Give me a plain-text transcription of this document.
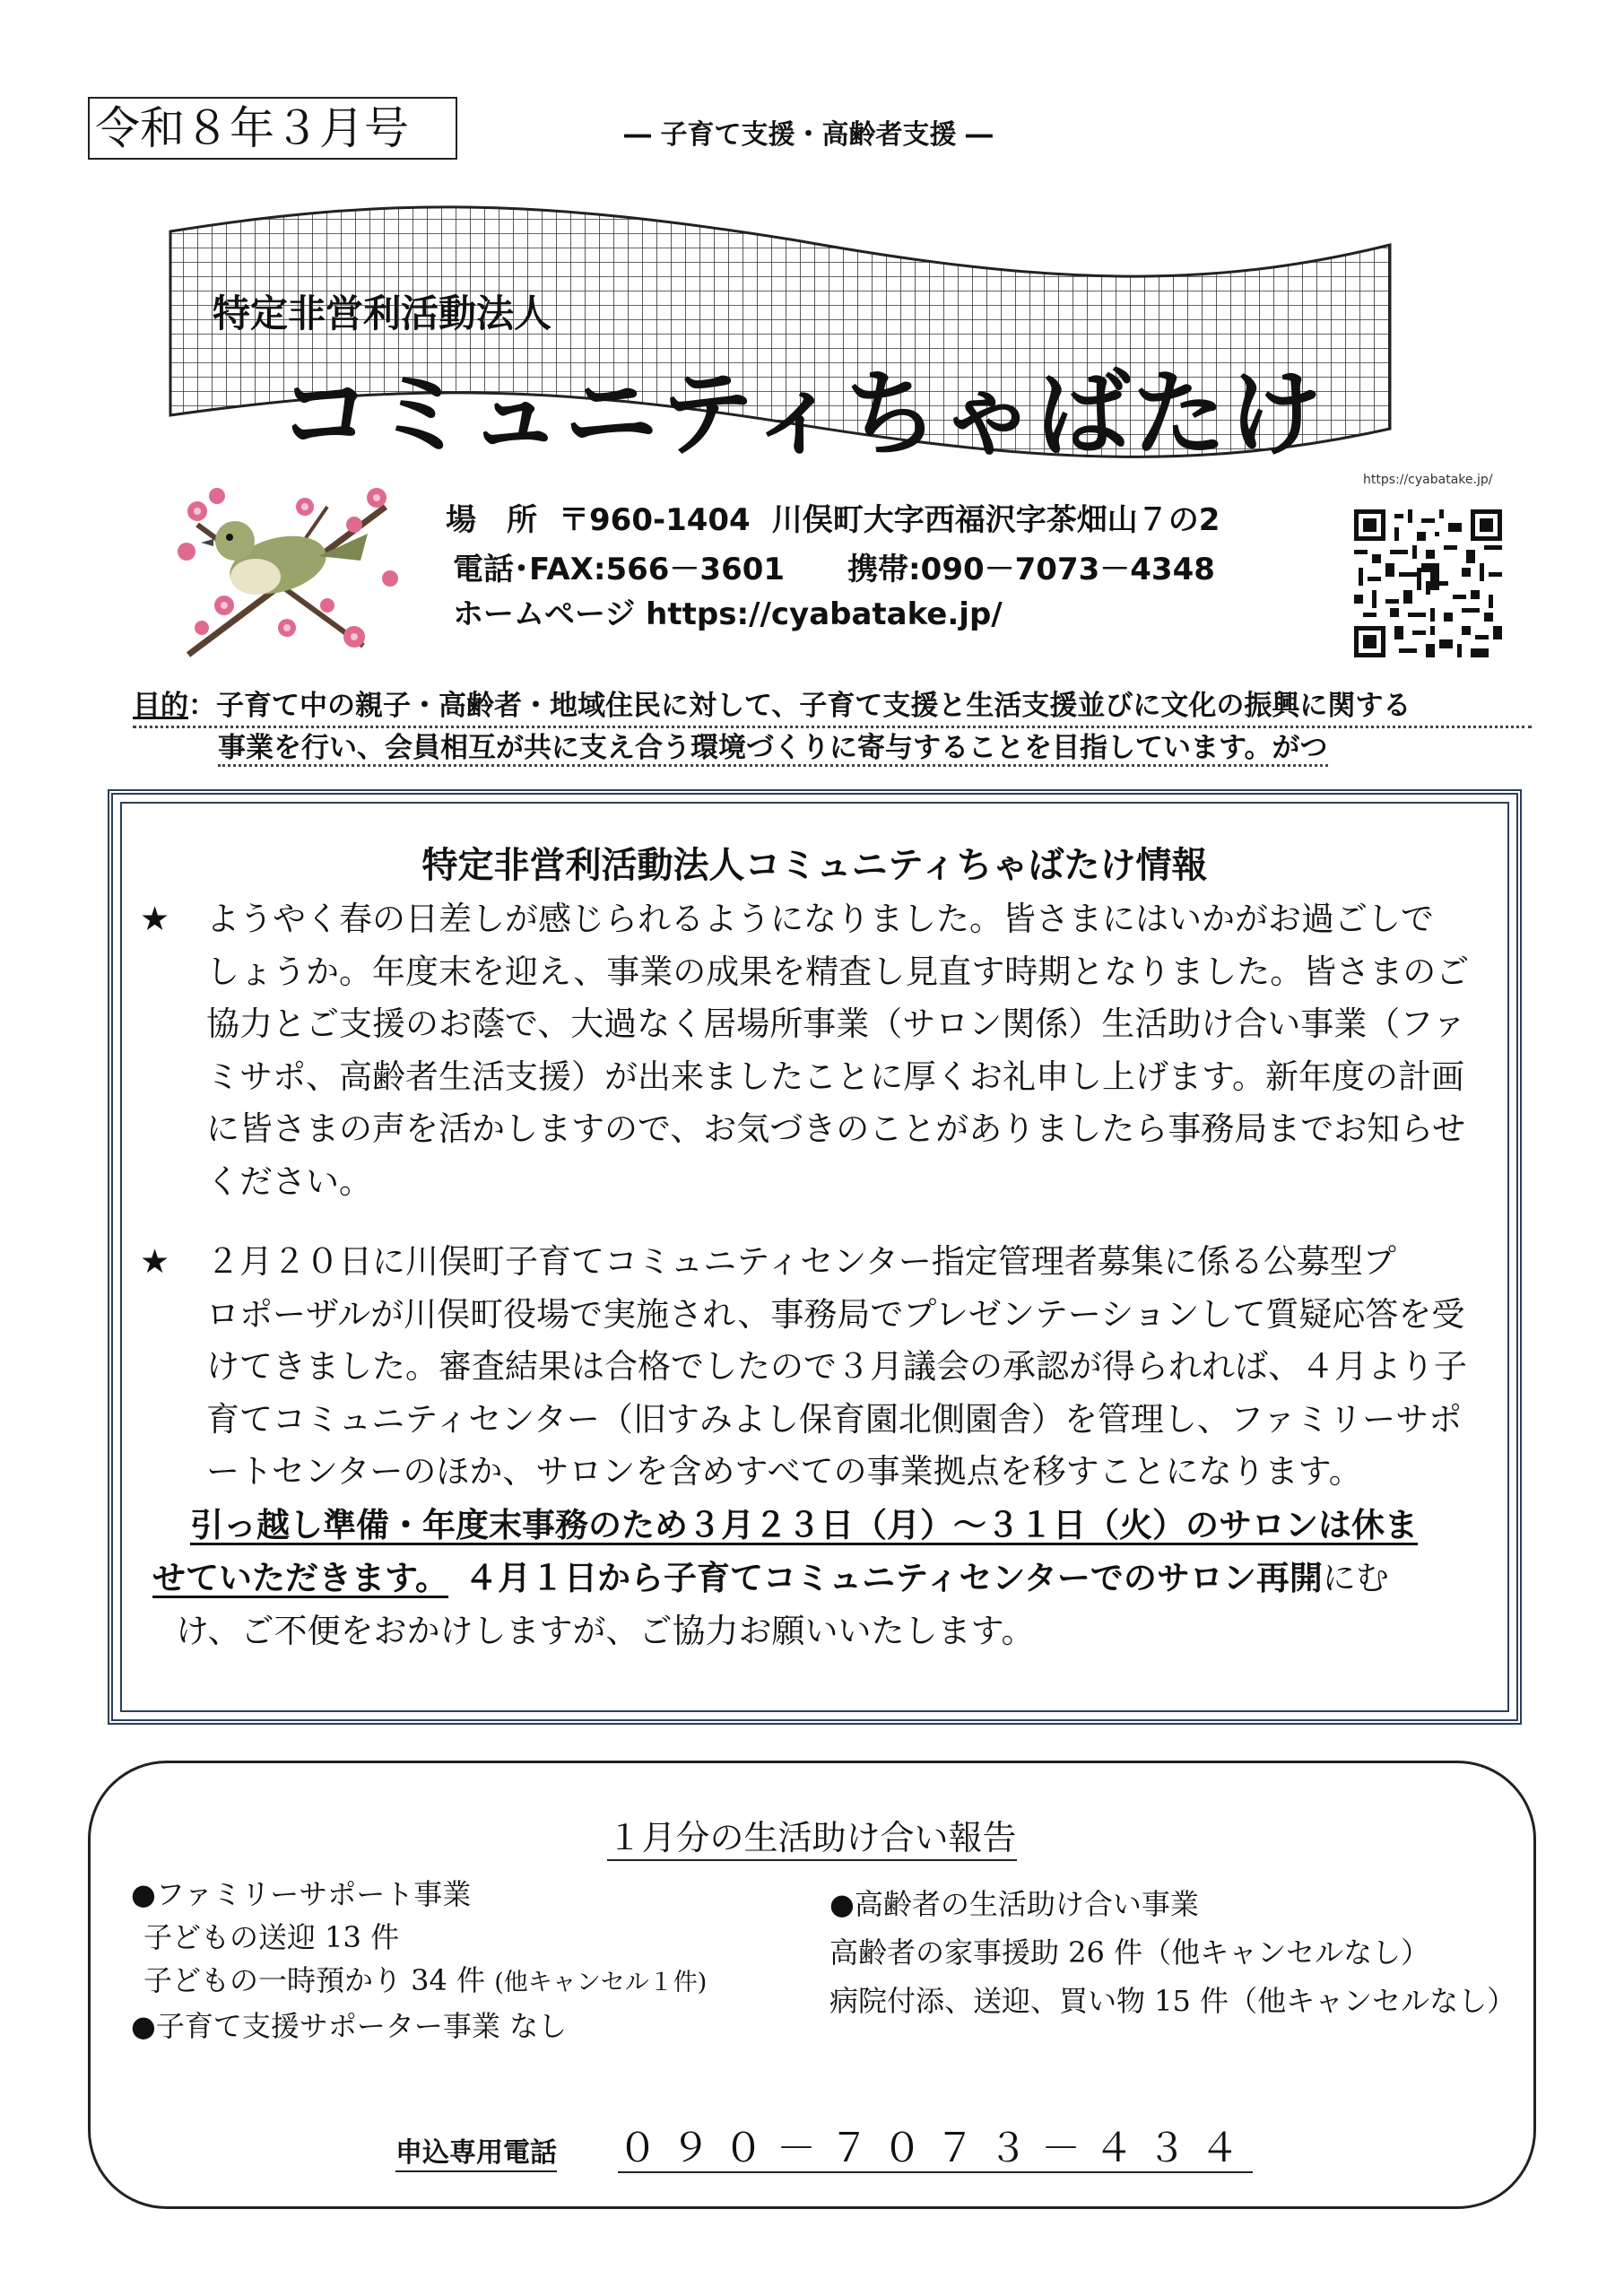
令和８年３月号	― 子育て支援・高齢者支援 ―
特定非営利活動法人
コミュニティちゃばたけ
場　所 〒960-1404 川俣町大字西福沢字茶畑山７の2
電話･FAX:566－3601 携帯:090－7073－4348
ホームページ https://cyabatake.jp/
https://cyabatake.jp/
目的：子育て中の親子・高齢者・地域住民に対して、子育て支援と生活支援並びに文化の振興に関する
事業を行い、会員相互が共に支え合う環境づくりに寄与することを目指しています。がつ
特定非営利活動法人コミュニティちゃばたけ情報
★ ようやく春の日差しが感じられるようになりました。皆さまにはいかがお過ごしで
しょうか。年度末を迎え、事業の成果を精査し見直す時期となりました。皆さまのご
協力とご支援のお蔭で、大過なく居場所事業（サロン関係）生活助け合い事業（ファ
ミサポ、高齢者生活支援）が出来ましたことに厚くお礼申し上げます。新年度の計画
に皆さまの声を活かしますので、お気づきのことがありましたら事務局までお知らせ
ください。
★ ２月２０日に川俣町子育てコミュニティセンター指定管理者募集に係る公募型プ
ロポーザルが川俣町役場で実施され、事務局でプレゼンテーションして質疑応答を受
けてきました。審査結果は合格でしたので３月議会の承認が得られれば、４月より子
育てコミュニティセンター（旧すみよし保育園北側園舎）を管理し、ファミリーサポ
ートセンターのほか、サロンを含めすべての事業拠点を移すことになります。
引っ越し準備・年度末事務のため３月２３日（月）～３１日（火）のサロンは休ま
せていただきます。 ４月１日から子育てコミュニティセンターでのサロン再開にむ
け、ご不便をおかけしますが、ご協力お願いいたします。
１月分の生活助け合い報告
●ファミリーサポート事業
子どもの送迎 13 件
子どもの一時預かり 34 件 (他キャンセル１件)
●子育て支援サポーター事業 なし
●高齢者の生活助け合い事業
高齢者の家事援助 26 件（他キャンセルなし）
病院付添、送迎、買い物 15 件（他キャンセルなし）
申込専用電話 ０９０－７０７３－４３４
